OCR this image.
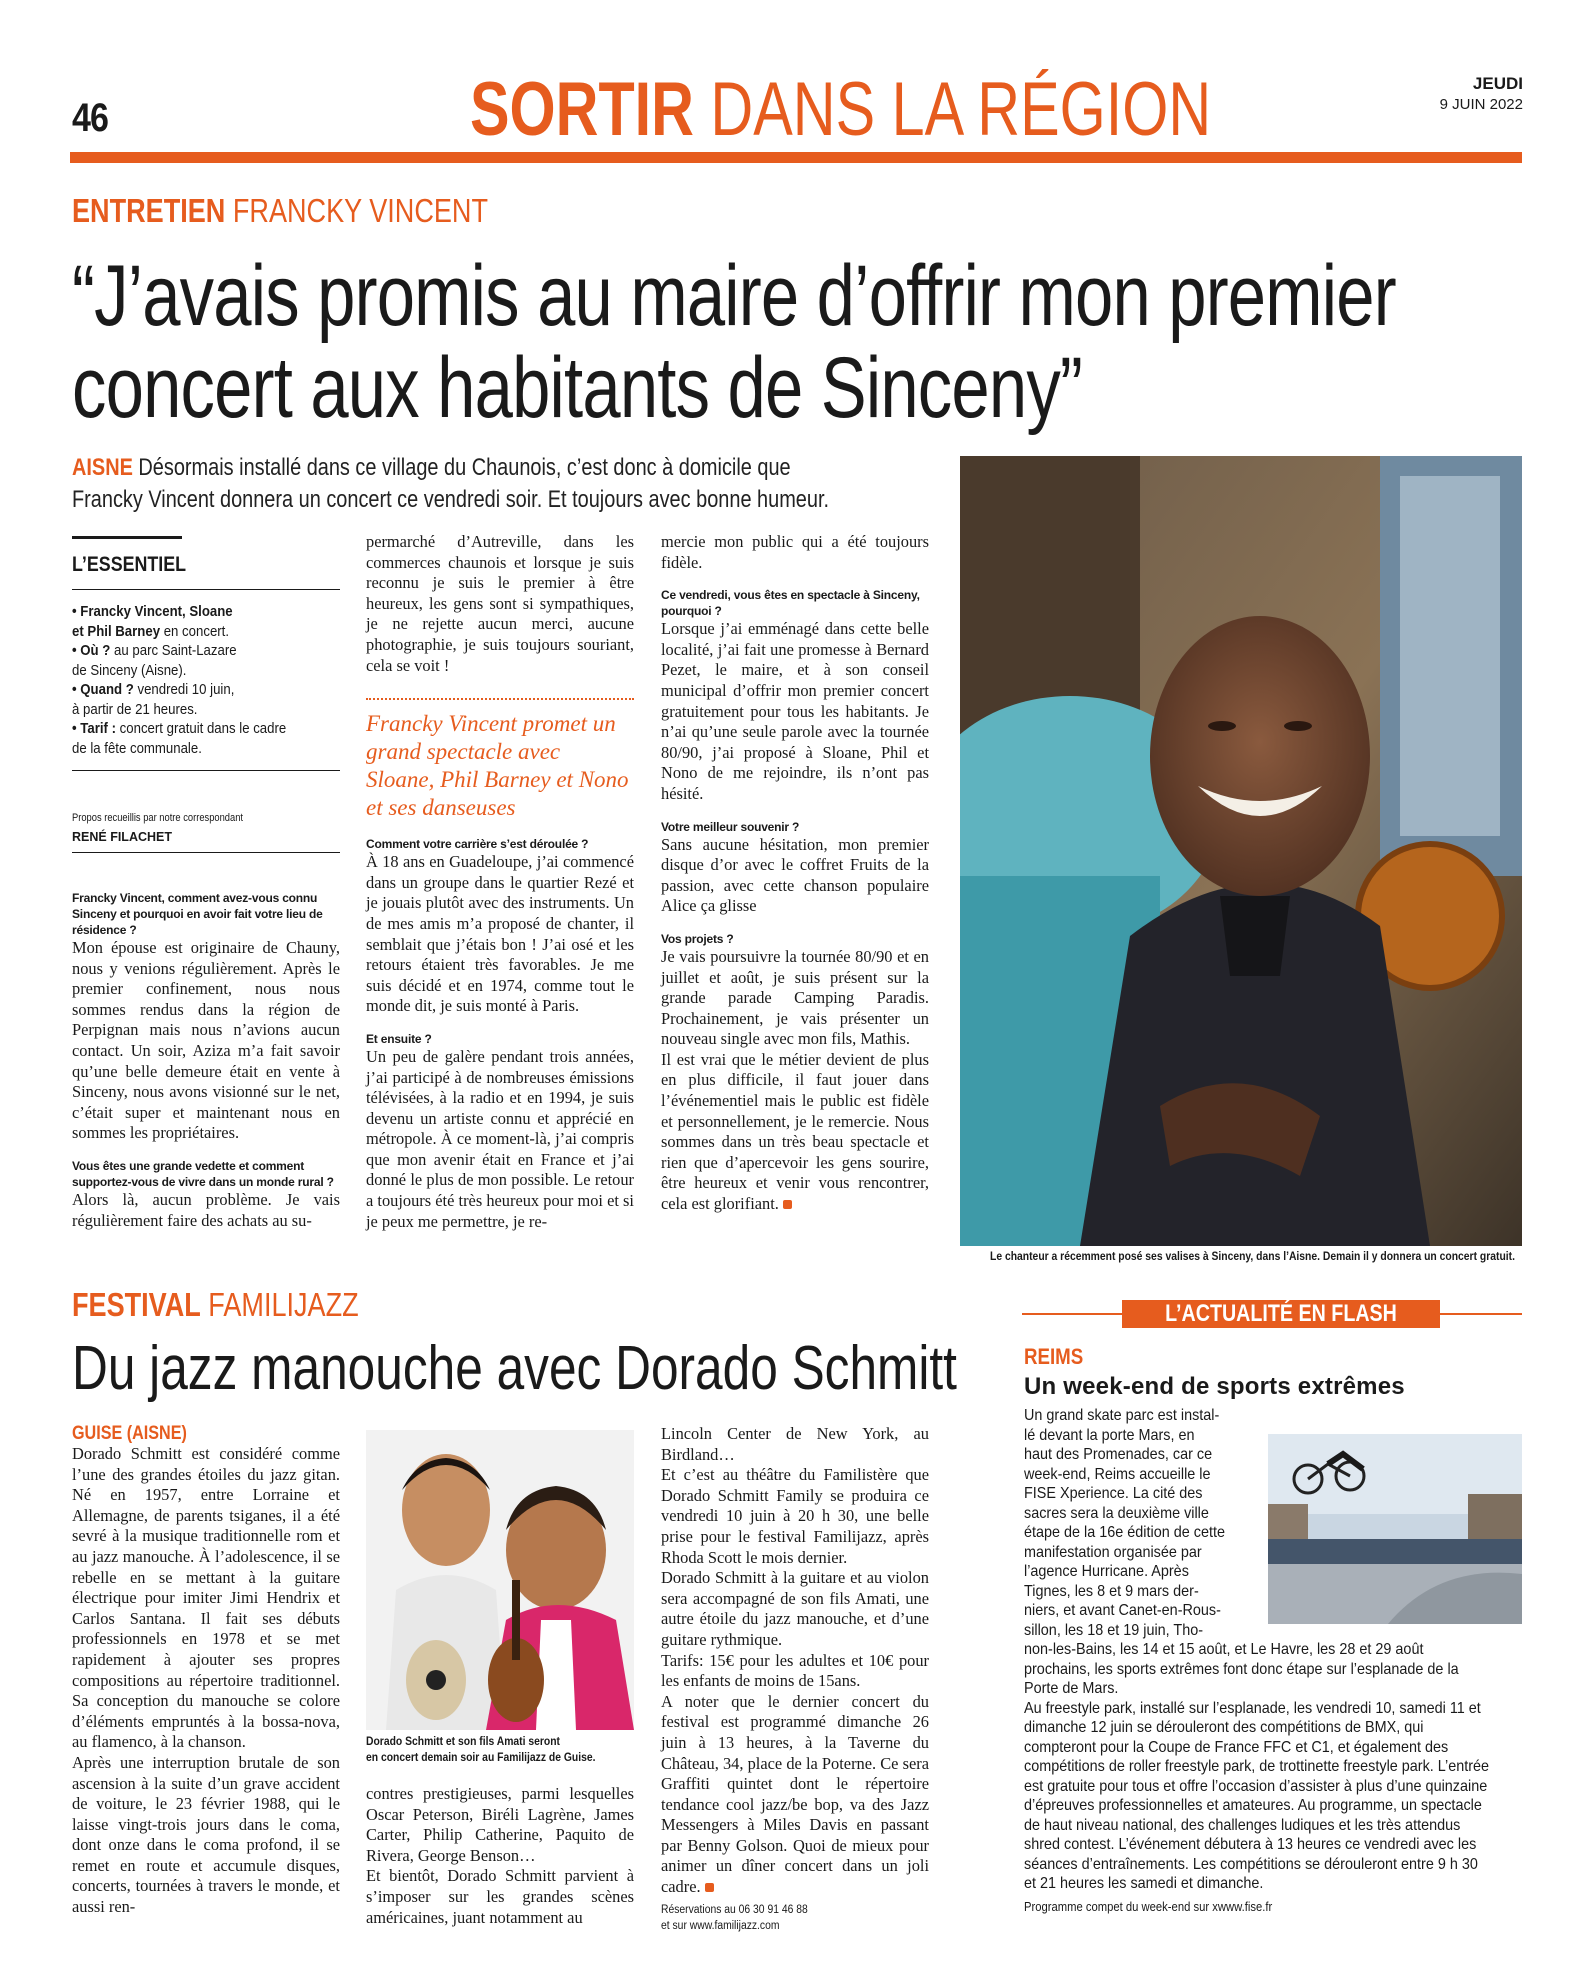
46	SORTIR DANS LA RÉGION	JEUDI
9 JUIN 2022
ENTRETIEN FRANCKY VINCENT
“J’avais promis au maire d’offrir mon premier
concert aux habitants de Sinceny”
AISNE Désormais installé dans ce village du Chaunois, c’est donc à domicile que
Francky Vincent donnera un concert ce vendredi soir. Et toujours avec bonne humeur.
L’ESSENTIEL
• Francky Vincent, Sloane
et Phil Barney en concert.
• Où ? au parc Saint-Lazare
de Sinceny (Aisne).
• Quand ? vendredi 10 juin,
à partir de 21 heures.
• Tarif : concert gratuit dans le cadre
de la fête communale.
Propos recueillis par notre correspondant
RENÉ FILACHET
Francky Vincent, comment avez-vous connu Sinceny et pourquoi en avoir fait votre lieu de résidence ?

Mon épouse est originaire de Chauny, nous y venions régulièrement. Après le premier confinement, nous nous sommes rendus dans la région de Perpignan mais nous n’avions aucun contact. Un soir, Aziza m’a fait savoir qu’une belle demeure était en vente à Sinceny, nous avons visionné sur le net, c’était super et maintenant nous en sommes les propriétaires.

Vous êtes une grande vedette et comment supportez-vous de vivre dans un monde rural ?

Alors là, aucun problème. Je vais régulièrement faire des achats au su-

permarché d’Autreville, dans les commerces chaunois et lorsque je suis reconnu je suis le premier à être heureux, les gens sont si sympathiques, je ne rejette aucun merci, aucune photographie, je suis toujours souriant, cela se voit !

Francky Vincent promet un grand spectacle avec Sloane, Phil Barney et Nono et ses danseuses
Comment votre carrière s’est déroulée ?

À 18 ans en Guadeloupe, j’ai commencé dans un groupe dans le quartier Rezé et je jouais plutôt avec des instruments. Un de mes amis m’a proposé de chanter, il semblait que j’étais bon ! J’ai osé et les retours étaient très favorables. Je me suis décidé et en 1974, comme tout le monde dit, je suis monté à Paris.

Et ensuite ?

Un peu de galère pendant trois années, j’ai participé à de nombreuses émissions télévisées, à la radio et en 1994, je suis devenu un artiste connu et apprécié en métropole. À ce moment-là, j’ai compris que mon avenir était en France et j’ai donné le plus de mon possible. Le retour a toujours été très heureux pour moi et si je peux me permettre, je re-

mercie mon public qui a été toujours fidèle.

Ce vendredi, vous êtes en spectacle à Sinceny, pourquoi ?

Lorsque j’ai emménagé dans cette belle localité, j’ai fait une promesse à Bernard Pezet, le maire, et à son conseil municipal d’offrir mon premier concert gratuitement pour tous les habitants. Je n’ai qu’une seule parole avec la tournée 80/90, j’ai proposé à Sloane, Phil et Nono de me rejoindre, ils n’ont pas hésité.

Votre meilleur souvenir ?

Sans aucune hésitation, mon premier disque d’or avec le coffret Fruits de la passion, avec cette chanson populaire Alice ça glisse

Vos projets ?

Je vais poursuivre la tournée 80/90 et en juillet et août, je suis présent sur la grande parade Camping Paradis. Prochainement, je vais présenter un nouveau single avec mon fils, Mathis.

Il est vrai que le métier devient de plus en plus difficile, il faut jouer dans l’événementiel mais le public est fidèle et personnellement, je le remercie. Nous sommes dans un très beau spectacle et rien que d’apercevoir les gens sourire, être heureux et venir vous rencontrer, cela est glorifiant.

Le chanteur a récemment posé ses valises à Sinceny, dans l’Aisne. Demain il y donnera un concert gratuit.
FESTIVAL FAMILIJAZZ
Du jazz manouche avec Dorado Schmitt
GUISE (AISNE)

Dorado Schmitt est considéré comme l’une des grandes étoiles du jazz gitan. Né en 1957, entre Lorraine et Allemagne, de parents tsiganes, il a été sevré à la musique traditionnelle rom et au jazz manouche. À l’adolescence, il se rebelle en se mettant à la guitare électrique pour imiter Jimi Hendrix et Carlos Santana. Il fait ses débuts professionnels en 1978 et se met rapidement à ajouter ses propres compositions au répertoire traditionnel. Sa conception du manouche se colore d’éléments empruntés à la bossa-nova, au flamenco, à la chanson.

Après une interruption brutale de son ascension à la suite d’un grave accident de voiture, le 23 février 1988, qui le laisse vingt-trois jours dans le coma, dont onze dans le coma profond, il se remet en route et accumule disques, concerts, tournées à travers le monde, et aussi ren-

Dorado Schmitt et son fils Amati seront
en concert demain soir au Familijazz de Guise.

contres prestigieuses, parmi lesquelles Oscar Peterson, Biréli Lagrène, James Carter, Philip Catherine, Paquito de Rivera, George Benson…

Et bientôt, Dorado Schmitt parvient à s’imposer sur les grandes scènes américaines, juant notamment au

Lincoln Center de New York, au Birdland…

Et c’est au théâtre du Familistère que Dorado Schmitt Family se produira ce vendredi 10 juin à 20 h 30, une belle prise pour le festival Familijazz, après Rhoda Scott le mois dernier.

Dorado Schmitt à la guitare et au violon sera accompagné de son fils Amati, une autre étoile du jazz manouche, et d’une guitare rythmique.

Tarifs: 15€ pour les adultes et 10€ pour les enfants de moins de 15ans.

A noter que le dernier concert du festival est programmé dimanche 26 juin à 13 heures, à la Taverne du Château, 34, place de la Poterne. Ce sera Graffiti quintet dont le répertoire tendance cool jazz/be bop, va des Jazz Messengers à Miles Davis en passant par Benny Golson. Quoi de mieux pour animer un dîner concert dans un joli cadre.

Réservations au 06 30 91 46 88
et sur www.familijazz.com
L’ACTUALITÉ EN FLASH
REIMS
Un week-end de sports extrêmes
Un grand skate parc est instal-
lé devant la porte Mars, en
haut des Promenades, car ce
week-end, Reims accueille le
FISE Xperience. La cité des
sacres sera la deuxième ville
étape de la 16e édition de cette
manifestation organisée par
l’agence Hurricane. Après
Tignes, les 8 et 9 mars der-
niers, et avant Canet-en-Rous-
sillon, les 18 et 19 juin, Tho-

non-les-Bains, les 14 et 15 août, et Le Havre, les 28 et 29 août prochains, les sports extrêmes font donc étape sur l’esplanade de la Porte de Mars.

Au freestyle park, installé sur l’esplanade, les vendredi 10, samedi 11 et dimanche 12 juin se dérouleront des compétitions de BMX, qui compteront pour la Coupe de France FFC et C1, et également des compétitions de roller freestyle park, de trottinette freestyle park. L’entrée est gratuite pour tous et offre l’occasion d’assister à plus d’une quinzaine d’épreuves professionnelles et amateures. Au programme, un spectacle de haut niveau national, des challenges ludiques et les très attendus shred contest. L’événement débutera à 13 heures ce vendredi avec les séances d’entraînements. Les compétitions se dérouleront entre 9 h 30 et 21 heures les samedi et dimanche.

Programme compet du week-end sur xwww.fise.fr
